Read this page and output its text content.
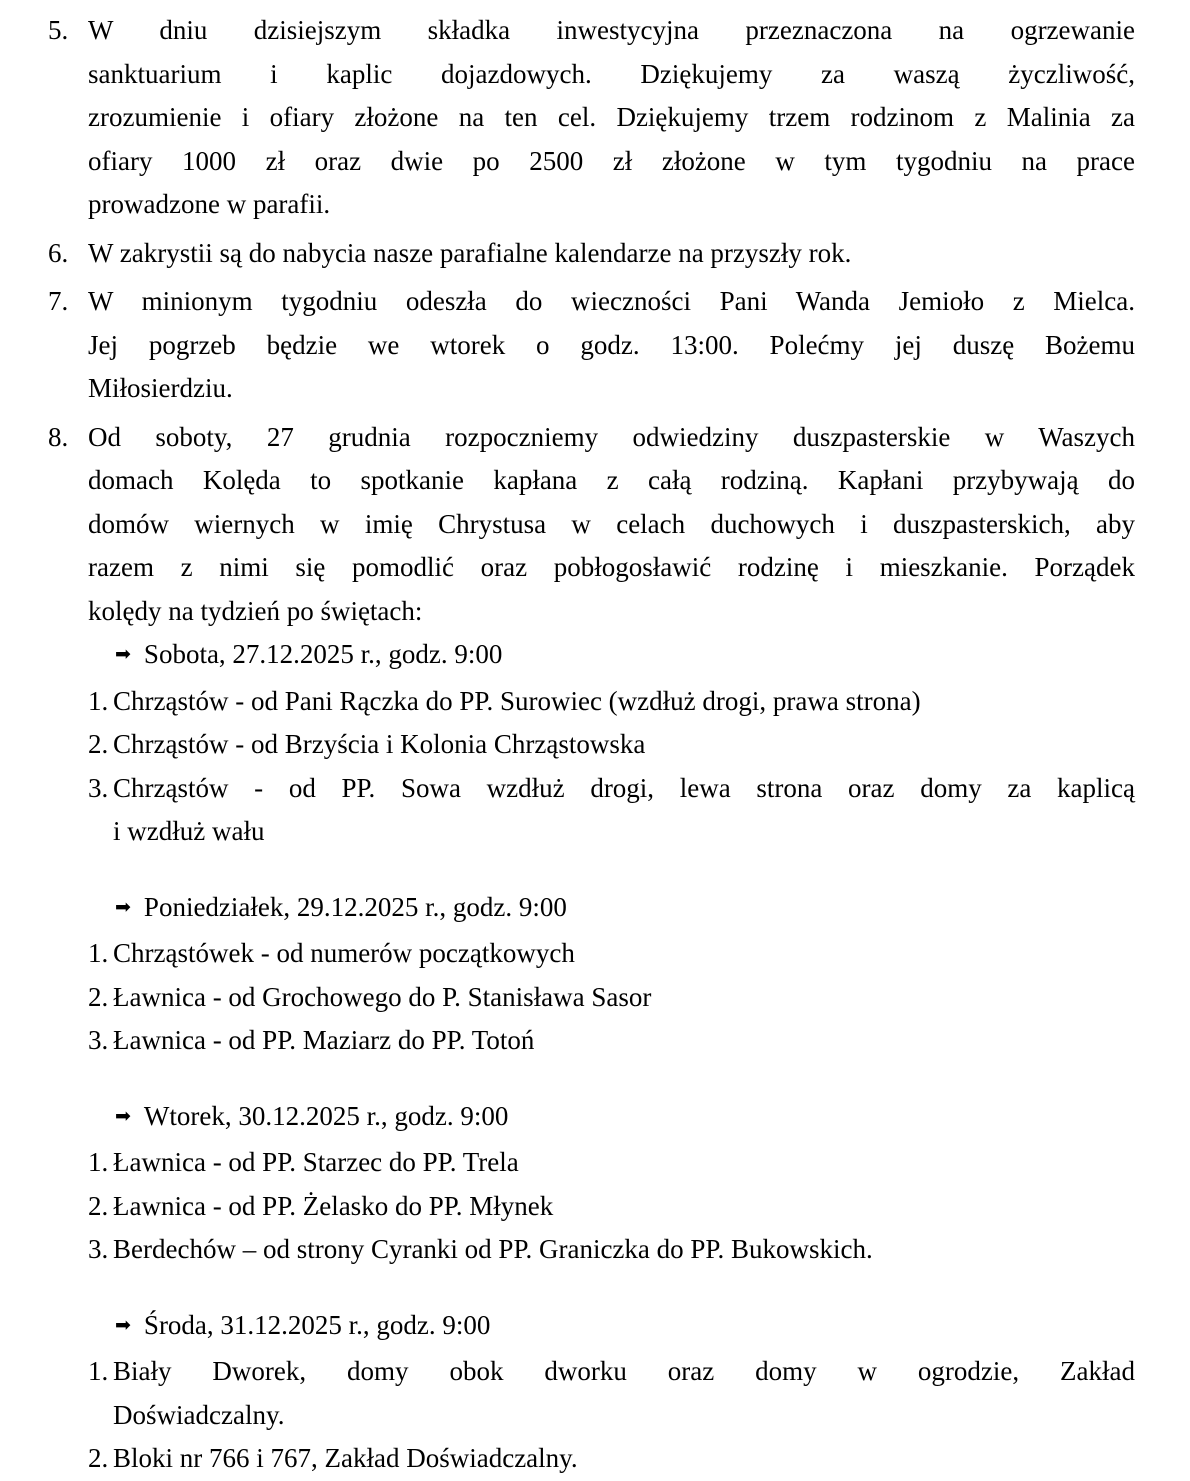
5. W dniu dzisiejszym składka inwestycyjna przeznaczona na ogrzewanie
sanktuarium i kaplic dojazdowych. Dziękujemy za waszą życzliwość,
zrozumienie i ofiary złożone na ten cel. Dziękujemy trzem rodzinom z Malinia za
ofiary 1000 zł oraz dwie po 2500 zł złożone w tym tygodniu na prace
prowadzone w parafii.
6. W zakrystii są do nabycia nasze parafialne kalendarze na przyszły rok.
7. W minionym tygodniu odeszła do wieczności Pani Wanda Jemioło z Mielca.
Jej pogrzeb będzie we wtorek o godz. 13:00. Polećmy jej duszę Bożemu
Miłosierdziu.
8. Od soboty, 27 grudnia rozpoczniemy odwiedziny duszpasterskie w Waszych
domach Kolęda to spotkanie kapłana z całą rodziną. Kapłani przybywają do
domów wiernych w imię Chrystusa w celach duchowych i duszpasterskich, aby
razem z nimi się pomodlić oraz pobłogosławić rodzinę i mieszkanie. Porządek
kolędy na tydzień po świętach:
➡ Sobota, 27.12.2025 r., godz. 9:00
1. Chrząstów - od Pani Rączka do PP. Surowiec (wzdłuż drogi, prawa strona)
2. Chrząstów - od Brzyścia i Kolonia Chrząstowska
3. Chrząstów - od PP. Sowa wzdłuż drogi, lewa strona oraz domy za kaplicą
i wzdłuż wału
➡ Poniedziałek, 29.12.2025 r., godz. 9:00
1. Chrząstówek - od numerów początkowych
2. Ławnica - od Grochowego do P. Stanisława Sasor
3. Ławnica - od PP. Maziarz do PP. Totoń
➡ Wtorek, 30.12.2025 r., godz. 9:00
1. Ławnica - od PP. Starzec do PP. Trela
2. Ławnica - od PP. Żelasko do PP. Młynek
3. Berdechów – od strony Cyranki od PP. Graniczka do PP. Bukowskich.
➡ Środa, 31.12.2025 r., godz. 9:00
1. Biały Dworek, domy obok dworku oraz domy w ogrodzie, Zakład
Doświadczalny.
2. Bloki nr 766 i 767, Zakład Doświadczalny.
